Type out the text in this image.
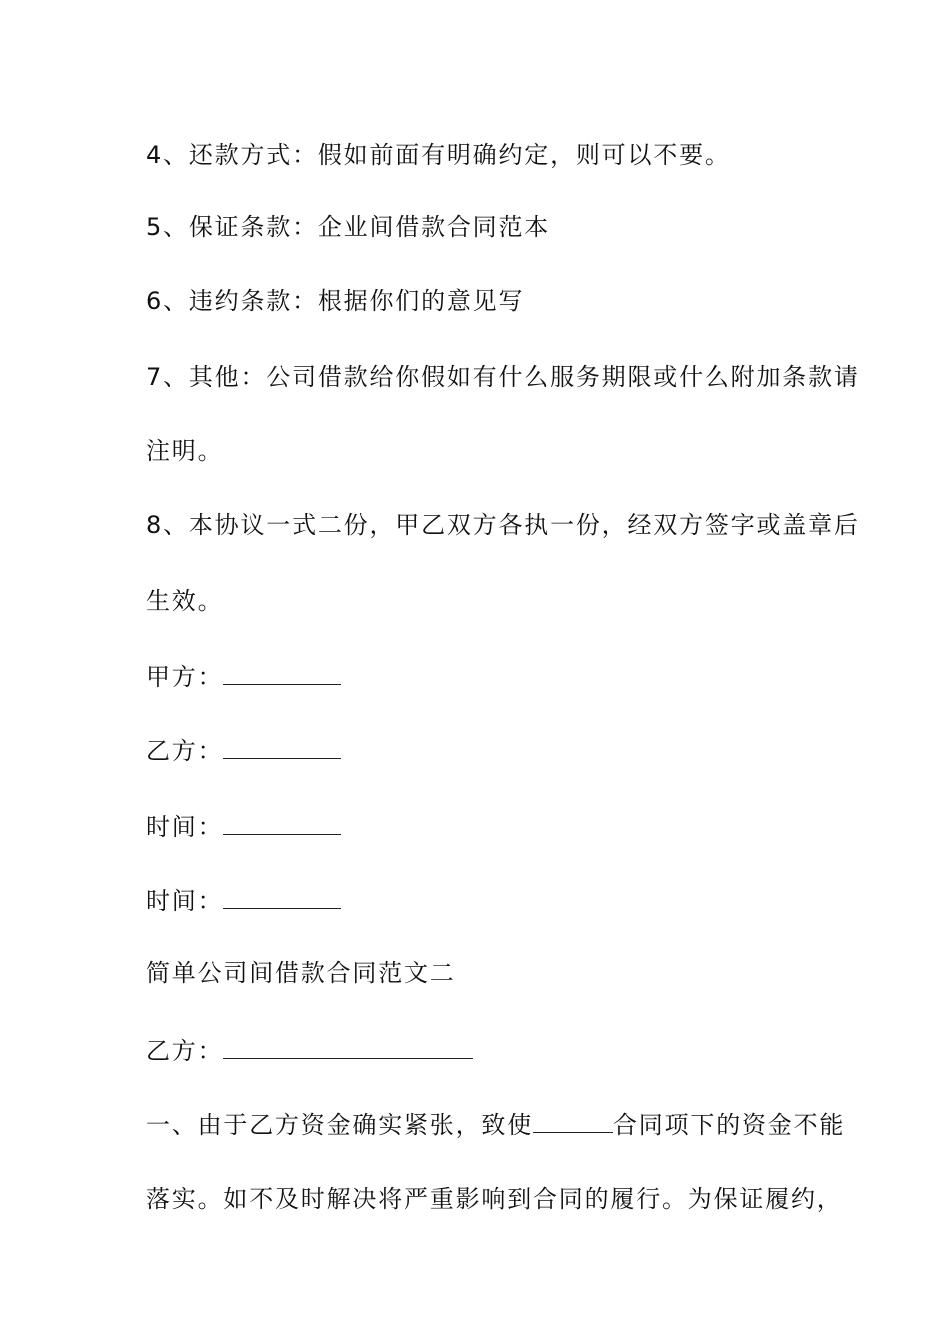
4、还款方式：假如前面有明确约定，则可以不要。
5、保证条款：企业间借款合同范本
6、违约条款：根据你们的意见写
7、其他：公司借款给你假如有什么服务期限或什么附加条款请
注明。
8、本协议一式二份，甲乙双方各执一份，经双方签字或盖章后
生效。
甲方：
乙方：
时间：
时间：
简单公司间借款合同范文二
乙方：
一、由于乙方资金确实紧张，致使	合同项下的资金不能
落实。如不及时解决将严重影响到合同的履行。为保证履约，
